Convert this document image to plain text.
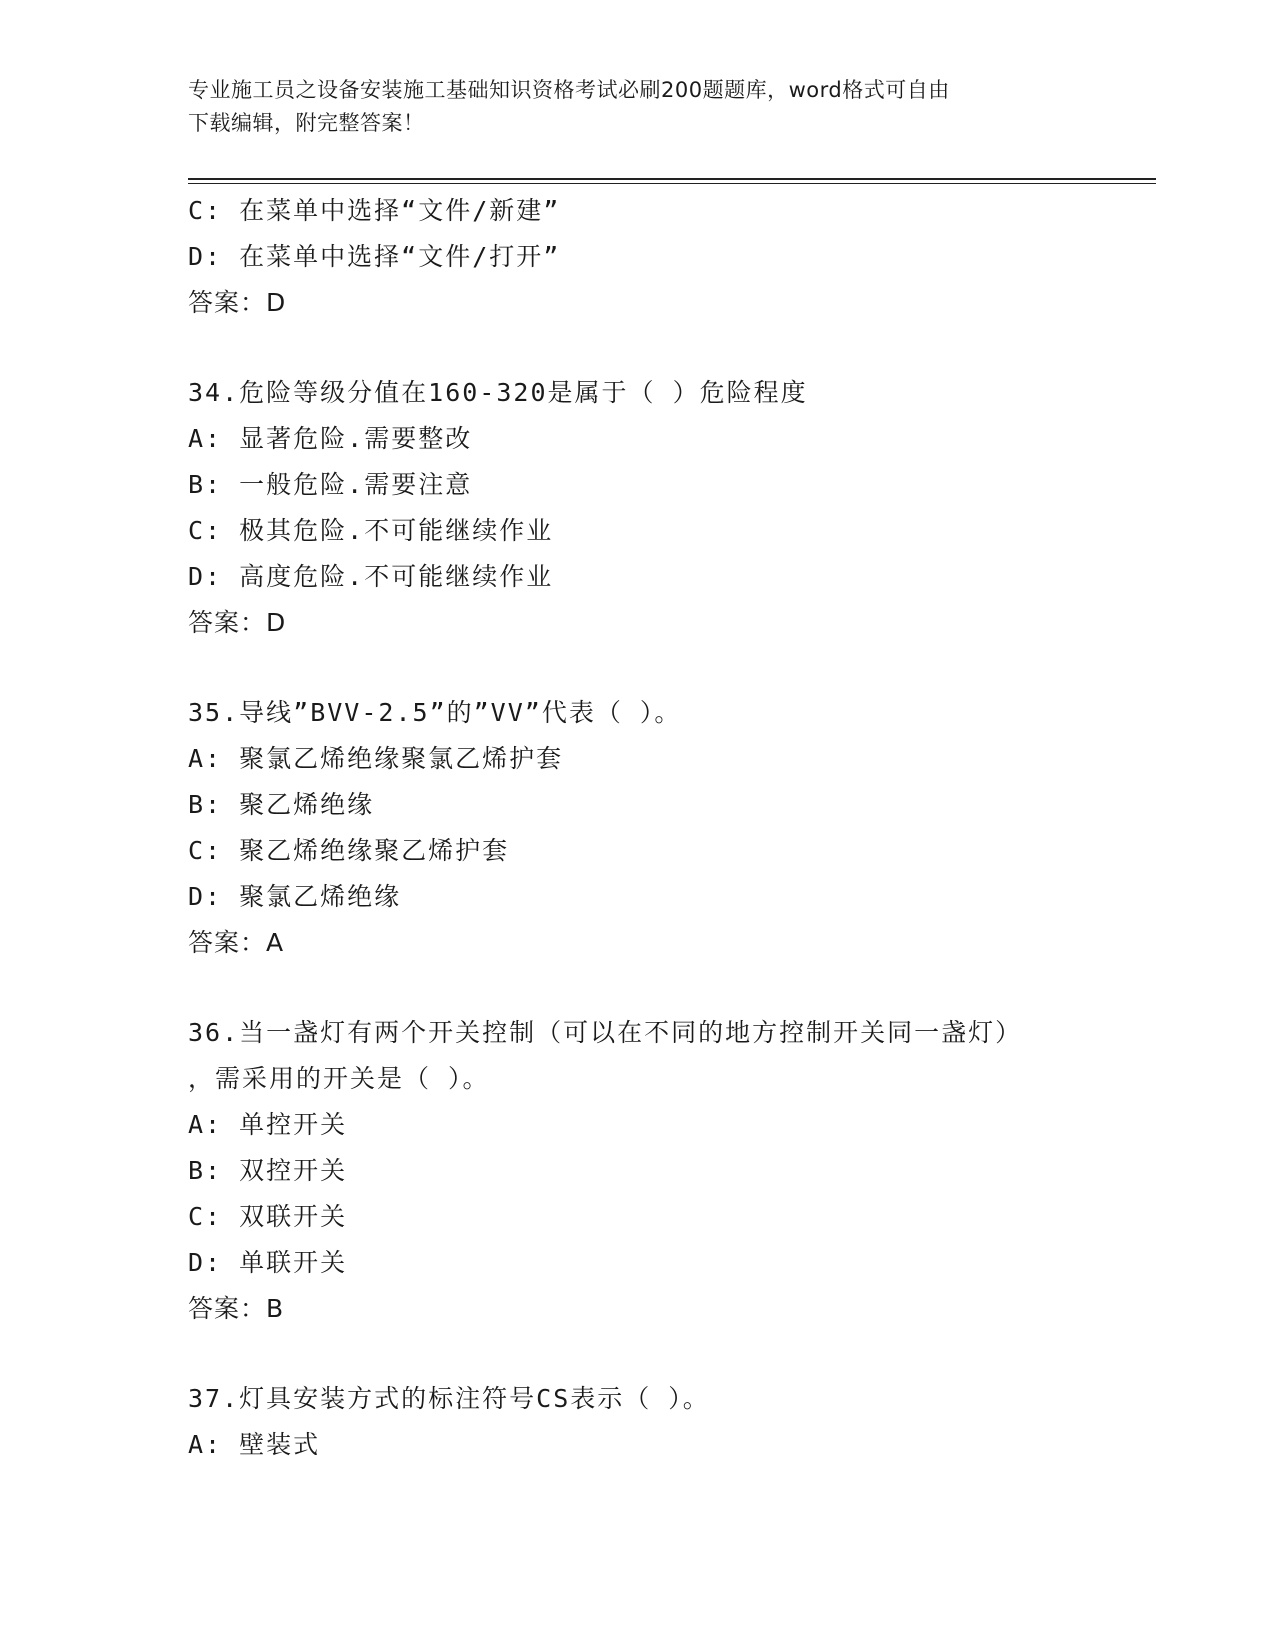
专业施工员之设备安装施工基础知识资格考试必刷200题题库，word格式可自由
下载编辑，附完整答案！
C: 在菜单中选择“文件/新建”
D: 在菜单中选择“文件/打开”
答案：D
34.危险等级分值在160-320是属于（ ）危险程度
A: 显著危险.需要整改
B: 一般危险.需要注意
C: 极其危险.不可能继续作业
D: 高度危险.不可能继续作业
答案：D
35.导线”BVV-2.5”的”VV”代表（ ）。
A: 聚氯乙烯绝缘聚氯乙烯护套
B: 聚乙烯绝缘
C: 聚乙烯绝缘聚乙烯护套
D: 聚氯乙烯绝缘
答案：A
36.当一盏灯有两个开关控制（可以在不同的地方控制开关同一盏灯）
，需采用的开关是（ ）。
A: 单控开关
B: 双控开关
C: 双联开关
D: 单联开关
答案：B
37.灯具安装方式的标注符号CS表示（ ）。
A: 壁装式
